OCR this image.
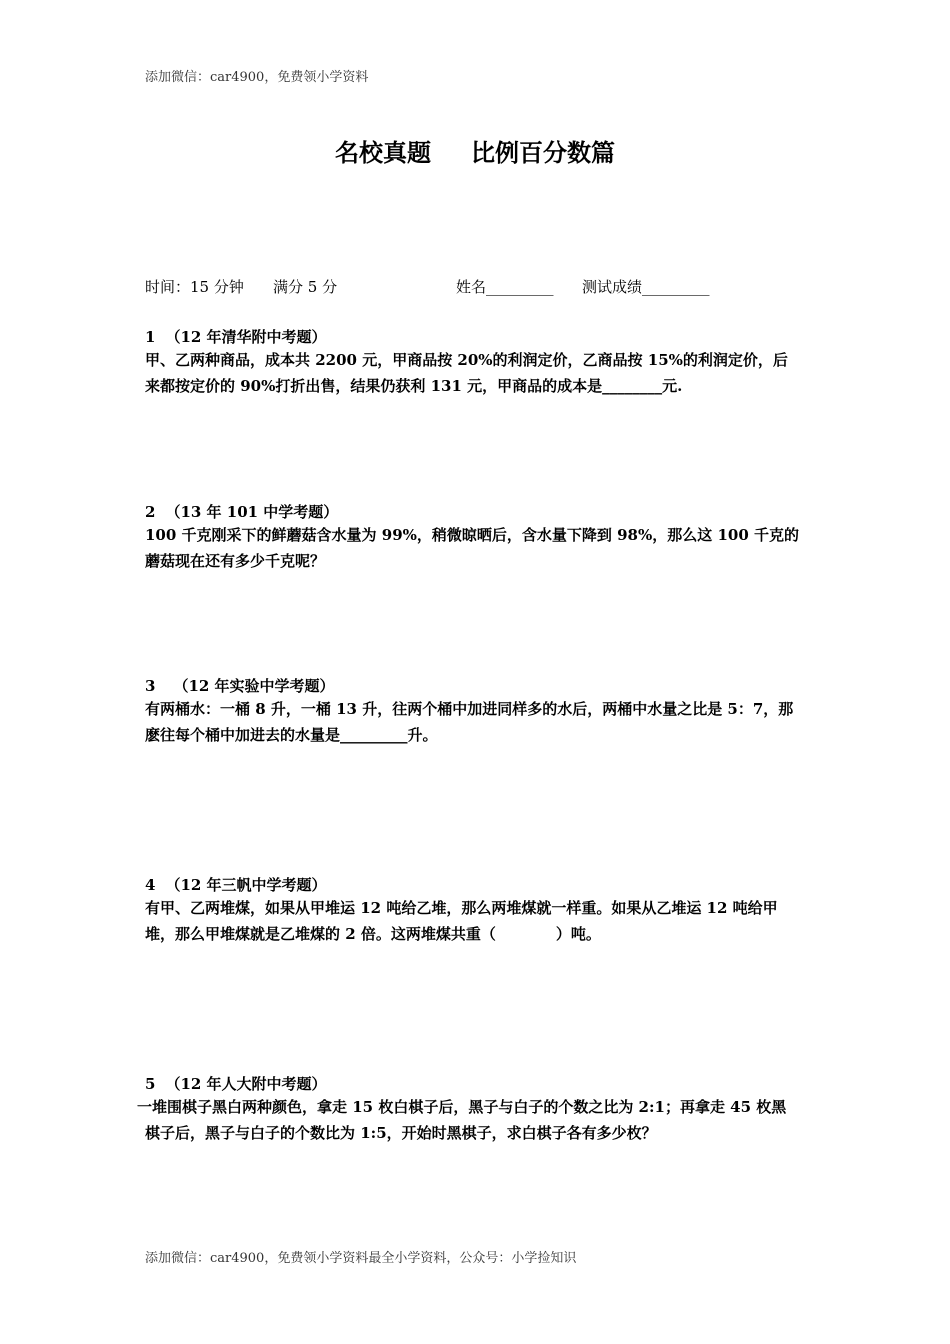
添加微信：car4900，免费领小学资料
名校真题 比例百分数篇
时间：15 分钟 满分 5 分	姓名_________ 测试成绩_________
1 （12 年清华附中考题）
甲、乙两种商品，成本共 2200 元，甲商品按 20%的利润定价，乙商品按 15%的利润定价，后
来都按定价的 90%打折出售，结果仍获利 131 元，甲商品的成本是________元.
2 （13 年 101 中学考题）
100 千克刚采下的鲜蘑菇含水量为 99%，稍微晾晒后，含水量下降到 98%，那么这 100 千克的
蘑菇现在还有多少千克呢？
3 （12 年实验中学考题）
有两桶水：一桶 8 升，一桶 13 升，往两个桶中加进同样多的水后，两桶中水量之比是 5：7，那
麽往每个桶中加进去的水量是_________升。
4 （12 年三帆中学考题）
有甲、乙两堆煤，如果从甲堆运 12 吨给乙堆，那么两堆煤就一样重。如果从乙堆运 12 吨给甲
堆，那么甲堆煤就是乙堆煤的 2 倍。这两堆煤共重（　　　　）吨。
5 （12 年人大附中考题）
一堆围棋子黑白两种颜色，拿走 15 枚白棋子后，黑子与白子的个数之比为 2:1；再拿走 45 枚黑
棋子后，黑子与白子的个数比为 1:5，开始时黑棋子，求白棋子各有多少枚？
添加微信：car4900，免费领小学资料最全小学资料，公众号：小学捡知识
